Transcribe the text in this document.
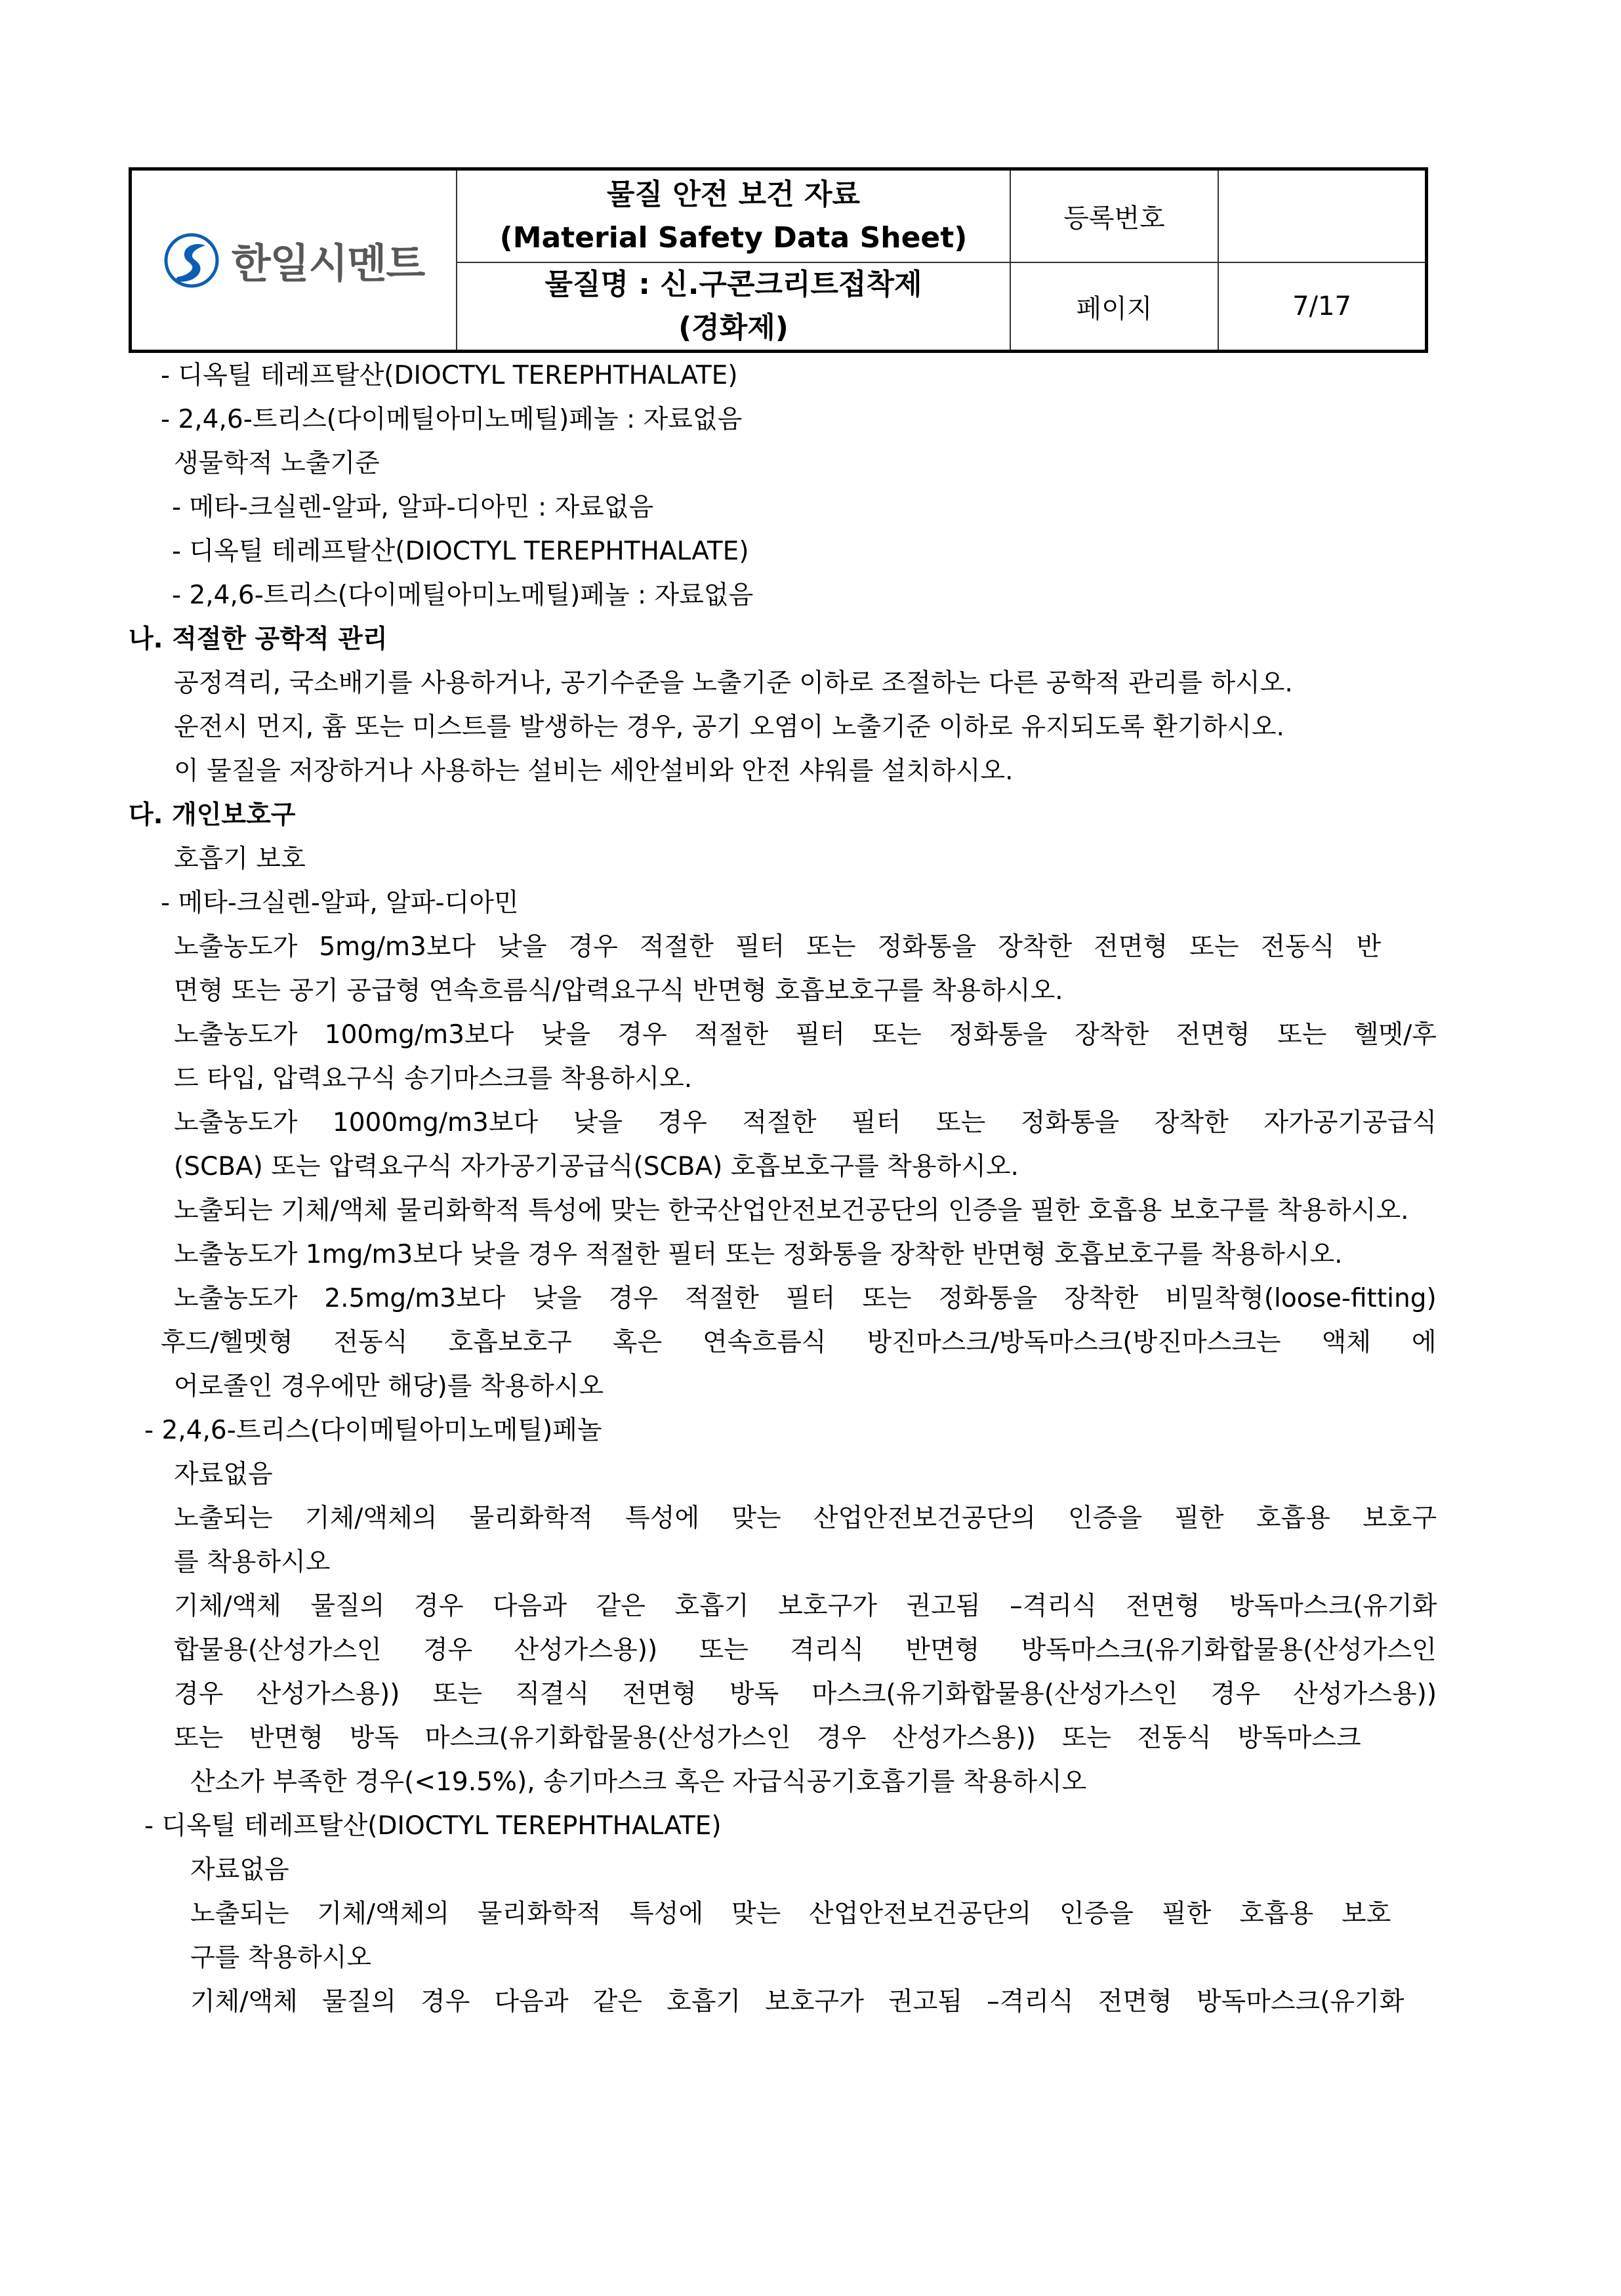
한일시멘트
물질 안전 보건 자료
(Material Safety Data Sheet)
물질명 : 신.구콘크리트접착제
(경화제)
등록번호
페이지	7/17
- 디옥틸 테레프탈산(DIOCTYL TEREPHTHALATE)
- 2,4,6-트리스(다이메틸아미노메틸)페놀 : 자료없음
생물학적 노출기준
- 메타-크실렌-알파, 알파-디아민 : 자료없음
- 디옥틸 테레프탈산(DIOCTYL TEREPHTHALATE)
- 2,4,6-트리스(다이메틸아미노메틸)페놀 : 자료없음
나. 적절한 공학적 관리
공정격리, 국소배기를 사용하거나, 공기수준을 노출기준 이하로 조절하는 다른 공학적 관리를 하시오.
운전시 먼지, 흄 또는 미스트를 발생하는 경우, 공기 오염이 노출기준 이하로 유지되도록 환기하시오.
이 물질을 저장하거나 사용하는 설비는 세안설비와 안전 샤워를 설치하시오.
다. 개인보호구
호흡기 보호
- 메타-크실렌-알파, 알파-디아민
노출농도가 5mg/m3보다 낮을 경우 적절한 필터 또는 정화통을 장착한 전면형 또는 전동식 반
면형 또는 공기 공급형 연속흐름식/압력요구식 반면형 호흡보호구를 착용하시오.
노출농도가 100mg/m3보다 낮을 경우 적절한 필터 또는 정화통을 장착한 전면형 또는 헬멧/후
드 타입, 압력요구식 송기마스크를 착용하시오.
노출농도가 1000mg/m3보다 낮을 경우 적절한 필터 또는 정화통을 장착한 자가공기공급식
(SCBA) 또는 압력요구식 자가공기공급식(SCBA) 호흡보호구를 착용하시오.
노출되는 기체/액체 물리화학적 특성에 맞는 한국산업안전보건공단의 인증을 필한 호흡용 보호구를 착용하시오.
노출농도가 1mg/m3보다 낮을 경우 적절한 필터 또는 정화통을 장착한 반면형 호흡보호구를 착용하시오.
노출농도가 2.5mg/m3보다 낮을 경우 적절한 필터 또는 정화통을 장착한 비밀착형(loose-fitting)
후드/헬멧형 전동식 호흡보호구 혹은 연속흐름식 방진마스크/방독마스크(방진마스크는 액체 에
어로졸인 경우에만 해당)를 착용하시오
- 2,4,6-트리스(다이메틸아미노메틸)페놀
자료없음
노출되는 기체/액체의 물리화학적 특성에 맞는 산업안전보건공단의 인증을 필한 호흡용 보호구
를 착용하시오
기체/액체 물질의 경우 다음과 같은 호흡기 보호구가 권고됨 –격리식 전면형 방독마스크(유기화
합물용(산성가스인 경우 산성가스용)) 또는 격리식 반면형 방독마스크(유기화합물용(산성가스인
경우 산성가스용)) 또는 직결식 전면형 방독 마스크(유기화합물용(산성가스인 경우 산성가스용))
또는 반면형 방독 마스크(유기화합물용(산성가스인 경우 산성가스용)) 또는 전동식 방독마스크
산소가 부족한 경우(<19.5%), 송기마스크 혹은 자급식공기호흡기를 착용하시오
- 디옥틸 테레프탈산(DIOCTYL TEREPHTHALATE)
자료없음
노출되는 기체/액체의 물리화학적 특성에 맞는 산업안전보건공단의 인증을 필한 호흡용 보호
구를 착용하시오
기체/액체 물질의 경우 다음과 같은 호흡기 보호구가 권고됨 –격리식 전면형 방독마스크(유기화
